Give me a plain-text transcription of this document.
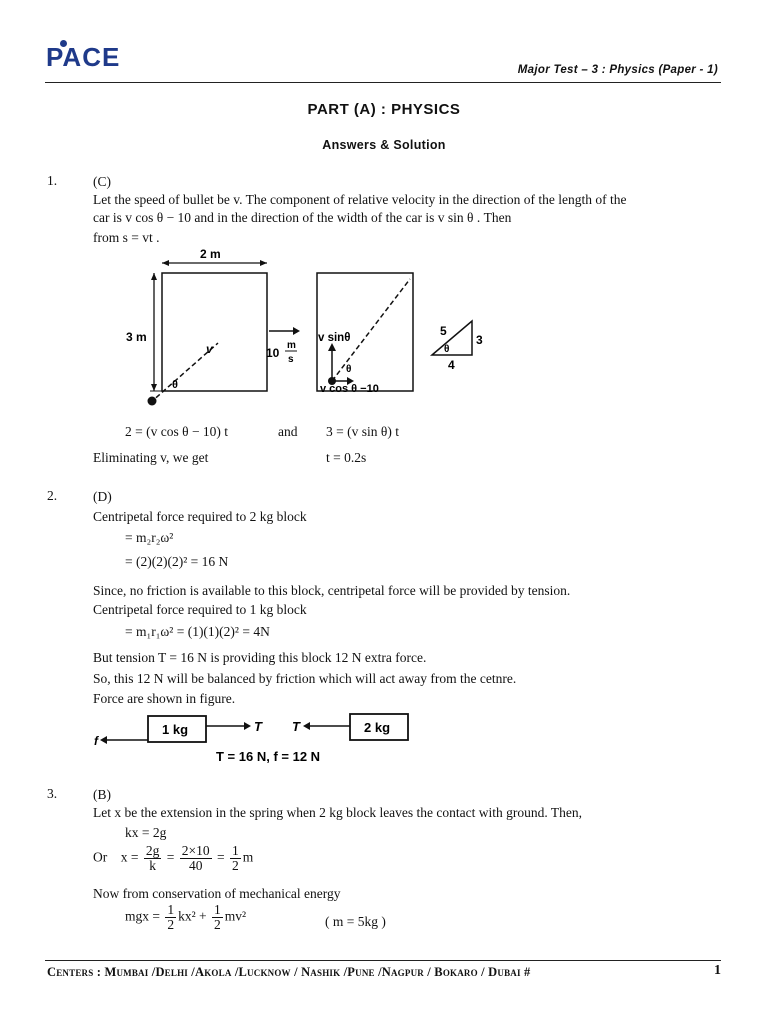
PACE	Major Test – 3 : Physics (Paper - 1)
PART (A) : PHYSICS
Answers & Solution
1.	(C)
Let the speed of bullet be v. The component of relative velocity in the direction of the length of the
car is v cos θ − 10 and in the direction of the width of the car is v sin θ . Then
from s = vt .
2 m
3 m
v
θ
10
m
s
v sinθ
θ
v cos θ −10
5
3
4
θ
2 = (v cos θ − 10) t	and 3 = (v sin θ) t
Eliminating v, we get	t = 0.2s
2.	(D)
Centripetal force required to 2 kg block
= m₂r₂ω²
= (2)(2)(2)² = 16 N
Since, no friction is available to this block, centripetal force will be provided by tension.
Centripetal force required to 1 kg block
= m₁r₁ω² = (1)(1)(2)² = 4N
But tension T = 16 N is providing this block 12 N extra force.
So, this 12 N will be balanced by friction which will act away from the cetnre.
Force are shown in figure.
f
1 kg	T T	2 kg
T = 16 N, f = 12 N
3.	(B)
Let x be the extension in the spring when 2 kg block leaves the contact with ground. Then,
kx = 2g
Or $x = \frac{2g}{k} = \frac{2\times 10}{40} = \frac{1}{2}$ m
Now from conservation of mechanical energy
mgx = $\frac{1}{2} kx^2 + \frac{1}{2} mv^2$	( m = 5kg )
Centers : Mumbai /Delhi /Akola /Lucknow / Nashik /Pune /Nagpur / Bokaro / Dubai #	1
